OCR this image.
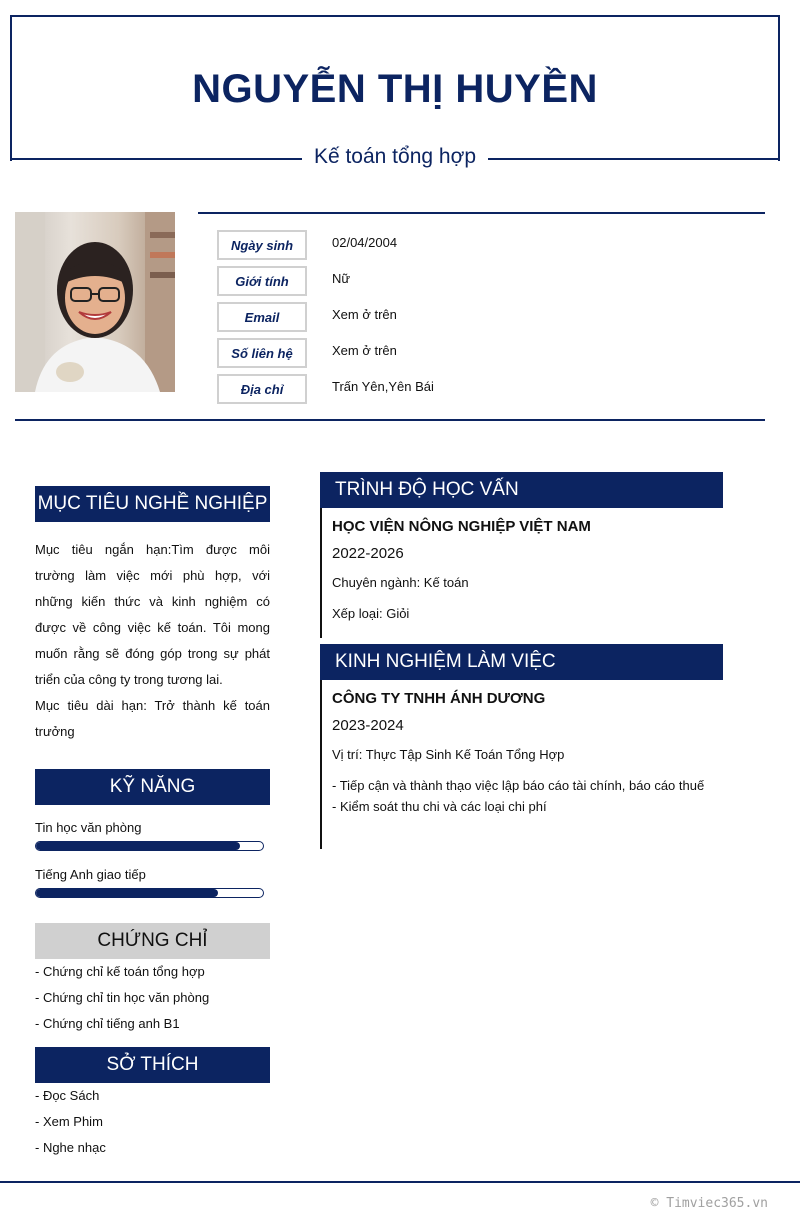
NGUYỄN THỊ HUYỀN
Kế toán tổng hợp
Ngày sinh	02/04/2004
Giới tính	Nữ
Email	Xem ở trên
Số liên hệ	Xem ở trên
Địa chỉ	Trấn Yên,Yên Bái
MỤC TIÊU NGHỀ NGHIỆP
Mục tiêu ngắn hạn:Tìm được môi trường làm việc mới phù hợp, với những kiến thức và kinh nghiệm có được về công việc kế toán. Tôi mong muốn rằng sẽ đóng góp trong sự phát triển của công ty trong tương lai.
Mục tiêu dài hạn: Trở thành kế toán trưởng
KỸ NĂNG
Tin học văn phòng
Tiếng Anh giao tiếp
CHỨNG CHỈ
- Chứng chỉ kế toán tổng hợp
- Chứng chỉ tin học văn phòng
- Chứng chỉ tiếng anh B1
SỞ THÍCH
- Đọc Sách
- Xem Phim
- Nghe nhạc
TRÌNH ĐỘ HỌC VẤN
HỌC VIỆN NÔNG NGHIỆP VIỆT NAM
2022-2026
Chuyên ngành: Kế toán
Xếp loại: Giỏi
KINH NGHIỆM LÀM VIỆC
CÔNG TY TNHH ÁNH DƯƠNG
2023-2024
Vị trí: Thực Tập Sinh Kế Toán Tổng Hợp
- Tiếp cận và thành thạo việc lập báo cáo tài chính, báo cáo thuế
- Kiểm soát thu chi và các loại chi phí
© Timviec365.vn
